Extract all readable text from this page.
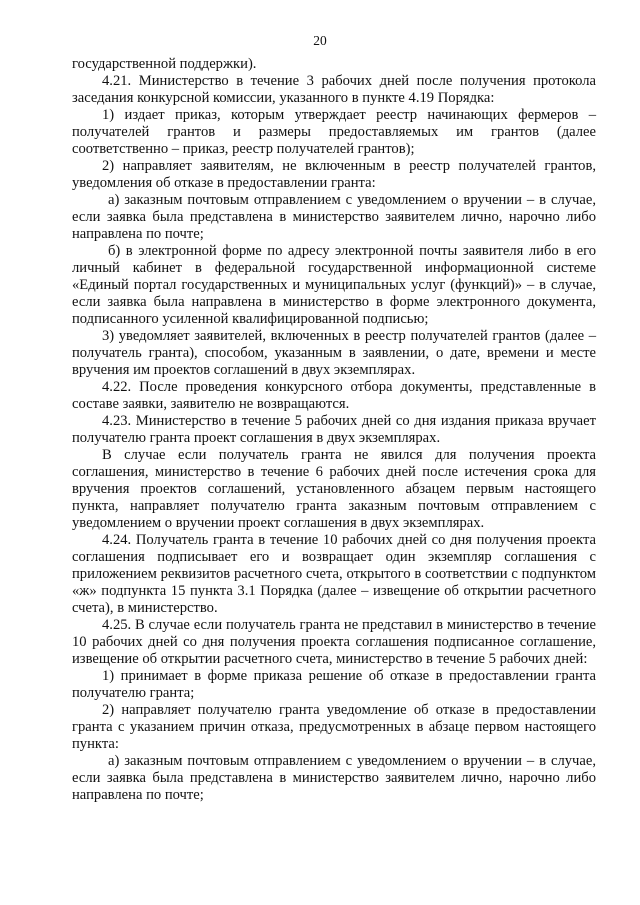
20

государственной поддержки).

4.21. Министерство в течение 3 рабочих дней после получения протокола заседания конкурсной комиссии, указанного в пункте 4.19 Порядка:

1) издает приказ, которым утверждает реестр начинающих фермеров – получателей грантов и размеры предоставляемых им грантов (далее соответственно – приказ, реестр получателей грантов);

2) направляет заявителям, не включенным в реестр получателей грантов, уведомления об отказе в предоставлении гранта:

а) заказным почтовым отправлением с уведомлением о вручении – в случае, если заявка была представлена в министерство заявителем лично, нарочно либо направлена по почте;

б) в электронной форме по адресу электронной почты заявителя либо в его личный кабинет в федеральной государственной информационной системе «Единый портал государственных и муниципальных услуг (функций)» – в случае, если заявка была направлена в министерство в форме электронного документа, подписанного усиленной квалифицированной подписью;

3) уведомляет заявителей, включенных в реестр получателей грантов (далее – получатель гранта), способом, указанным в заявлении, о дате, времени и месте вручения им проектов соглашений в двух экземплярах.

4.22. После проведения конкурсного отбора документы, представленные в составе заявки, заявителю не возвращаются.

4.23. Министерство в течение 5 рабочих дней со дня издания приказа вручает получателю гранта проект соглашения в двух экземплярах.

В случае если получатель гранта не явился для получения проекта соглашения, министерство в течение 6 рабочих дней после истечения срока для вручения проектов соглашений, установленного абзацем первым настоящего пункта, направляет получателю гранта заказным почтовым отправлением с уведомлением о вручении проект соглашения в двух экземплярах.

4.24. Получатель гранта в течение 10 рабочих дней со дня получения проекта соглашения подписывает его и возвращает один экземпляр соглашения с приложением реквизитов расчетного счета, открытого в соответствии с подпунктом «ж» подпункта 15 пункта 3.1 Порядка (далее – извещение об открытии расчетного счета), в министерство.

4.25. В случае если получатель гранта не представил в министерство в течение 10 рабочих дней со дня получения проекта соглашения подписанное соглашение, извещение об открытии расчетного счета, министерство в течение 5 рабочих дней:

1) принимает в форме приказа решение об отказе в предоставлении гранта получателю гранта;

2) направляет получателю гранта уведомление об отказе в предоставлении гранта с указанием причин отказа, предусмотренных в абзаце первом настоящего пункта:

а) заказным почтовым отправлением с уведомлением о вручении – в случае, если заявка была представлена в министерство заявителем лично, нарочно либо направлена по почте;
